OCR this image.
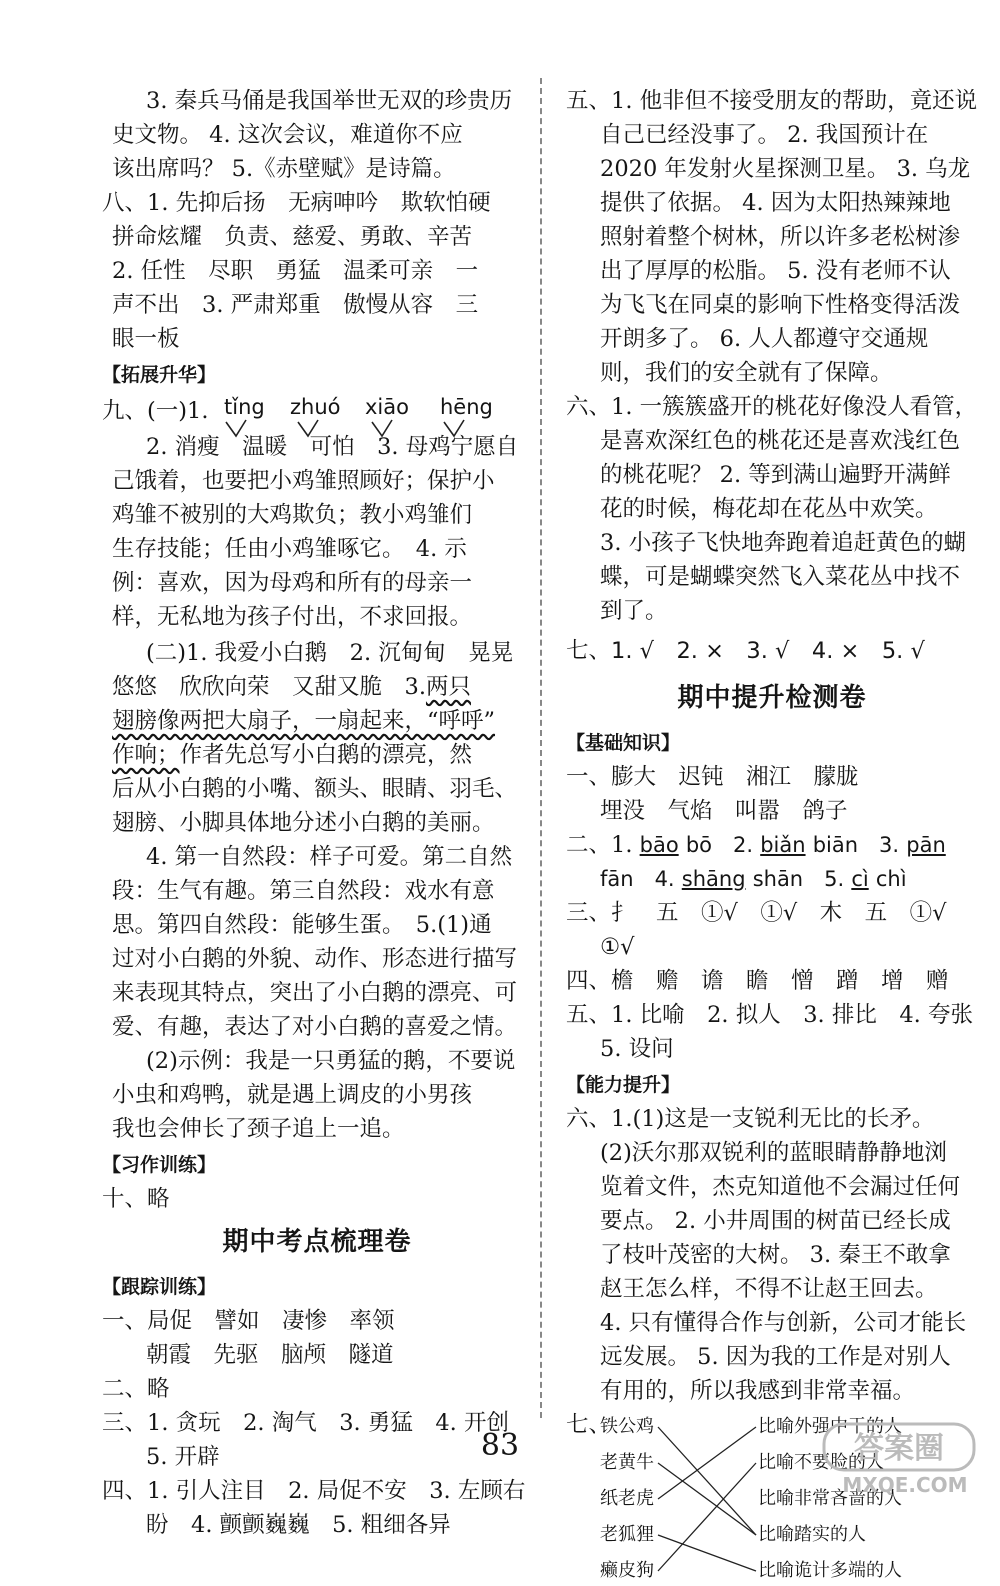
3. 秦兵马俑是我国举世无双的珍贵历
史文物。 4. 这次会议，难道你不应
该出席吗？ 5.《赤壁赋》是诗篇。
八、1. 先抑后扬　无病呻吟　欺软怕硬
拼命炫耀　负责、慈爱、勇敢、辛苦
2. 任性　尽职　勇猛　温柔可亲　一
声不出　3. 严肃郑重　傲慢从容　三
眼一板
【拓展升华】
九、(一)1. tǐng zhuó xiāo hēng
2. 消瘦　温暖　可怕　3. 母鸡宁愿自
己饿着，也要把小鸡雏照顾好；保护小
鸡雏不被别的大鸡欺负；教小鸡雏们
生存技能；任由小鸡雏啄它。　4. 示
例：喜欢，因为母鸡和所有的母亲一
样，无私地为孩子付出，不求回报。
(二)1. 我爱小白鹅　2. 沉甸甸　晃晃
悠悠　欣欣向荣　又甜又脆　3.两只
翅膀像两把大扇子，一扇起来，“呼呼”
作响；作者先总写小白鹅的漂亮，然
后从小白鹅的小嘴、额头、眼睛、羽毛、
翅膀、小脚具体地分述小白鹅的美丽。
4. 第一自然段：样子可爱。第二自然
段：生气有趣。第三自然段：戏水有意
思。第四自然段：能够生蛋。　5.(1)通
过对小白鹅的外貌、动作、形态进行描写
来表现其特点，突出了小白鹅的漂亮、可
爱、有趣，表达了对小白鹅的喜爱之情。
(2)示例：我是一只勇猛的鹅，不要说
小虫和鸡鸭，就是遇上调皮的小男孩
我也会伸长了颈子追上一追。
【习作训练】
十、略
期中考点梳理卷
【跟踪训练】
一、局促　譬如　凄惨　率领
朝霞　先驱　脑颅　隧道
二、略
三、1. 贪玩　2. 淘气　3. 勇猛　4. 开创
5. 开辟
四、1. 引人注目　2. 局促不安　3. 左顾右
盼　4. 颤颤巍巍　5. 粗细各异
五、1. 他非但不接受朋友的帮助，竟还说
自己已经没事了。 2. 我国预计在
2020 年发射火星探测卫星。 3. 乌龙
提供了依据。 4. 因为太阳热辣辣地
照射着整个树林，所以许多老松树渗
出了厚厚的松脂。 5. 没有老师不认
为飞飞在同桌的影响下性格变得活泼
开朗多了。 6. 人人都遵守交通规
则，我们的安全就有了保障。
六、1. 一簇簇盛开的桃花好像没人看管，
是喜欢深红色的桃花还是喜欢浅红色
的桃花呢？ 2. 等到满山遍野开满鲜
花的时候，梅花却在花丛中欢笑。
3. 小孩子飞快地奔跑着追赶黄色的蝴
蝶，可是蝴蝶突然飞入菜花丛中找不
到了。
七、1. √　2. ×　3. √　4. ×　5. √
期中提升检测卷
【基础知识】
一、膨大　迟钝　湘江　朦胧
埋没　气焰　叫嚣　鸽子
二、1. bāo bō　2. biǎn biān　3. pān
fān　4. shāng shān　5. cì chì
三、扌　五　①√　①√　木　五　①√
①√
四、檐　赡　谵　瞻　憎　蹭　增　赠
五、1. 比喻　2. 拟人　3. 排比　4. 夸张
5. 设问
【能力提升】
六、1.(1)这是一支锐利无比的长矛。
(2)沃尔那双锐利的蓝眼睛静静地浏
览着文件，杰克知道他不会漏过任何
要点。 2. 小井周围的树苗已经长成
了枝叶茂密的大树。 3. 秦王不敢拿
赵王怎么样，不得不让赵王回去。
4. 只有懂得合作与创新，公司才能长
远发展。 5. 因为我的工作是对别人
有用的，所以我感到非常幸福。
七、
铁公鸡
老黄牛
纸老虎
老狐狸
癞皮狗
比喻外强中干的人
比喻不要脸的人
比喻非常吝啬的人
比喻踏实的人
比喻诡计多端的人
83	答案圈
MXQE.COM
